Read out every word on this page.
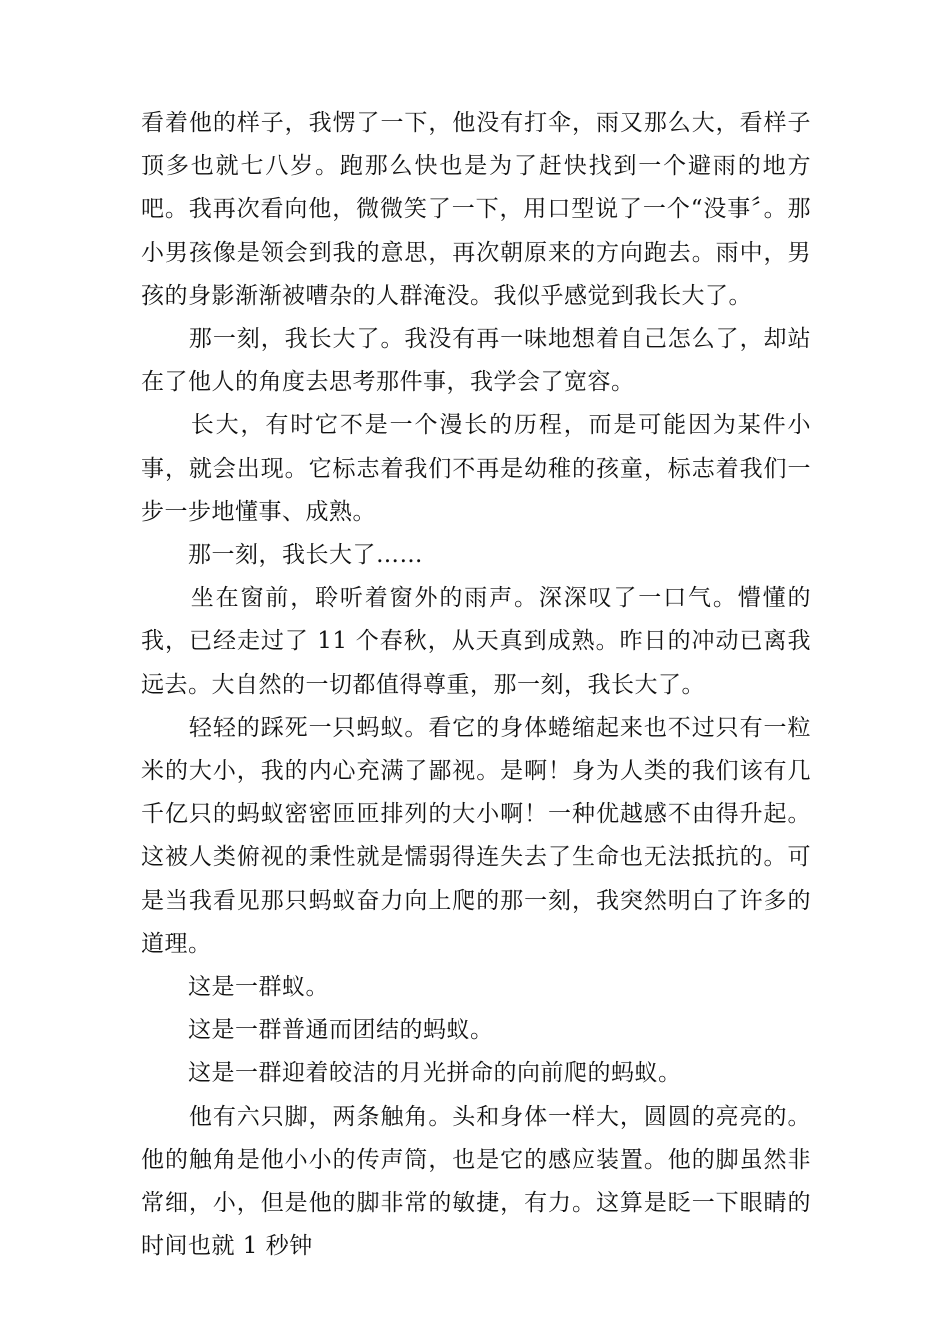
看着他的样子，我愣了一下，他没有打伞，雨又那么大，看样子顶多也就七八岁。跑那么快也是为了赶快找到一个避雨的地方吧。我再次看向他，微微笑了一下，用口型说了一个“没事〞。那小男孩像是领会到我的意思，再次朝原来的方向跑去。雨中，男孩的身影渐渐被嘈杂的人群淹没。我似乎感觉到我长大了。

　　那一刻，我长大了。我没有再一味地想着自己怎么了，却站在了他人的角度去思考那件事，我学会了宽容。

　　长大，有时它不是一个漫长的历程，而是可能因为某件小事，就会出现。它标志着我们不再是幼稚的孩童，标志着我们一步一步地懂事、成熟。

　　那一刻，我长大了……

　　坐在窗前，聆听着窗外的雨声。深深叹了一口气。懵懂的我，已经走过了 11 个春秋，从天真到成熟。昨日的冲动已离我远去。大自然的一切都值得尊重，那一刻，我长大了。

　　轻轻的踩死一只蚂蚁。看它的身体蜷缩起来也不过只有一粒米的大小，我的内心充满了鄙视。是啊！身为人类的我们该有几千亿只的蚂蚁密密匝匝排列的大小啊！一种优越感不由得升起。这被人类俯视的秉性就是懦弱得连失去了生命也无法抵抗的。可是当我看见那只蚂蚁奋力向上爬的那一刻，我突然明白了许多的道理。

　　这是一群蚁。

　　这是一群普通而团结的蚂蚁。

　　这是一群迎着皎洁的月光拼命的向前爬的蚂蚁。

　　他有六只脚，两条触角。头和身体一样大，圆圆的亮亮的。他的触角是他小小的传声筒，也是它的感应装置。他的脚虽然非常细，小，但是他的脚非常的敏捷，有力。这算是眨一下眼睛的时间也就 1 秒钟
